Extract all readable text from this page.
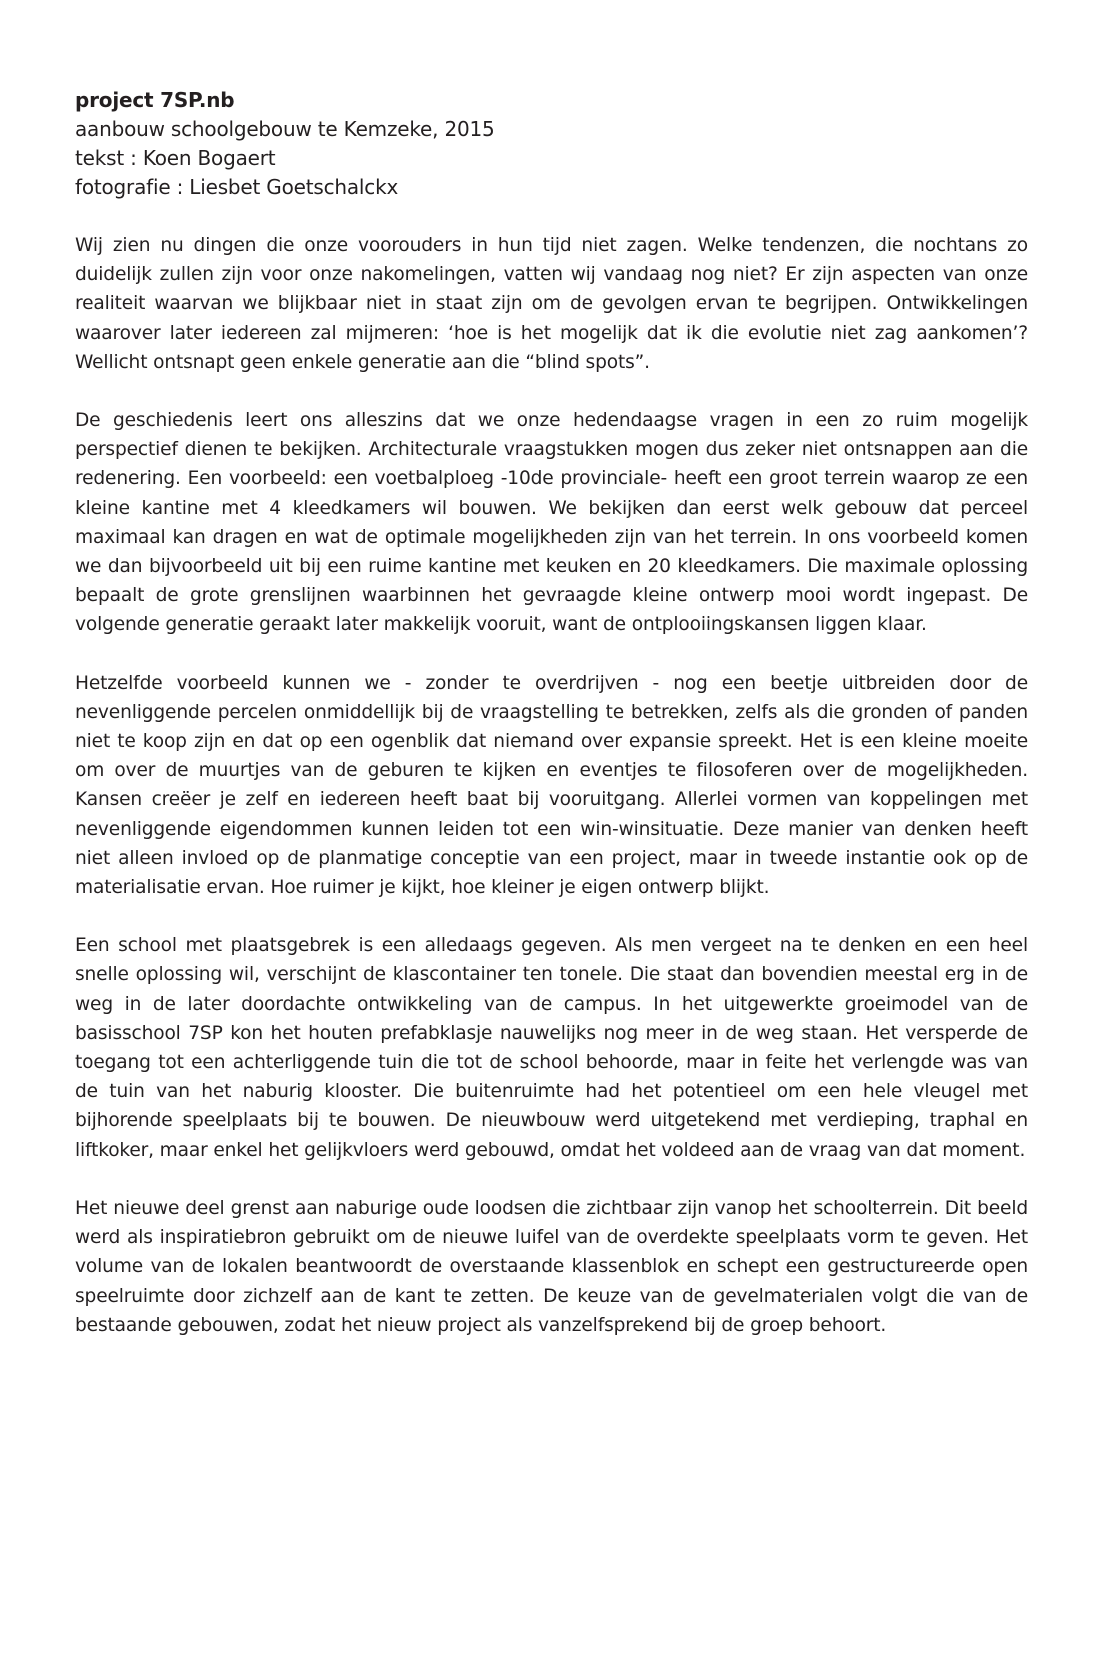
project 7SP.nb
aanbouw schoolgebouw te Kemzeke, 2015
tekst : Koen Bogaert
fotografie : Liesbet Goetschalckx

Wij zien nu dingen die onze voorouders in hun tijd niet zagen. Welke tendenzen, die nochtans zo duidelijk zullen zijn voor onze nakomelingen, vatten wij vandaag nog niet? Er zijn aspecten van onze realiteit waarvan we blijkbaar niet in staat zijn om de gevolgen ervan te begrijpen. Ontwikkelingen waarover later iedereen zal mijmeren: ‘hoe is het mogelijk dat ik die evolutie niet zag aankomen’? Wellicht ontsnapt geen enkele generatie aan die “blind spots”.

De geschiedenis leert ons alleszins dat we onze hedendaagse vragen in een zo ruim mogelijk perspectief dienen te bekijken. Architecturale vraagstukken mogen dus zeker niet ontsnappen aan die redenering. Een voorbeeld: een voetbalploeg -10de provinciale- heeft een groot terrein waarop ze een kleine kantine met 4 kleedkamers wil bouwen. We bekijken dan eerst welk gebouw dat perceel maximaal kan dragen en wat de optimale mogelijkheden zijn van het terrein. In ons voorbeeld komen we dan bijvoorbeeld uit bij een ruime kantine met keuken en 20 kleedkamers. Die maximale oplossing bepaalt de grote grenslijnen waarbinnen het gevraagde kleine ontwerp mooi wordt ingepast. De volgende generatie geraakt later makkelijk vooruit, want de ontplooiingskansen liggen klaar.

Hetzelfde voorbeeld kunnen we - zonder te overdrijven - nog een beetje uitbreiden door de nevenliggende percelen onmiddellijk bij de vraagstelling te betrekken, zelfs als die gronden of panden niet te koop zijn en dat op een ogenblik dat niemand over expansie spreekt. Het is een kleine moeite om over de muurtjes van de geburen te kijken en eventjes te filosoferen over de mogelijkheden. Kansen creëer je zelf en iedereen heeft baat bij vooruitgang. Allerlei vormen van koppelingen met nevenliggende eigendommen kunnen leiden tot een win-winsituatie. Deze manier van denken heeft niet alleen invloed op de planmatige conceptie van een project, maar in tweede instantie ook op de materialisatie ervan. Hoe ruimer je kijkt, hoe kleiner je eigen ontwerp blijkt.

Een school met plaatsgebrek is een alledaags gegeven. Als men vergeet na te denken en een heel snelle oplossing wil, verschijnt de klascontainer ten tonele. Die staat dan bovendien meestal erg in de weg in de later doordachte ontwikkeling van de campus. In het uitgewerkte groeimodel van de basisschool 7SP kon het houten prefabklasje nauwelijks nog meer in de weg staan. Het versperde de toegang tot een achterliggende tuin die tot de school behoorde, maar in feite het verlengde was van de tuin van het naburig klooster. Die buitenruimte had het potentieel om een hele vleugel met bijhorende speelplaats bij te bouwen. De nieuwbouw werd uitgetekend met verdieping, traphal en liftkoker, maar enkel het gelijkvloers werd gebouwd, omdat het voldeed aan de vraag van dat moment.

Het nieuwe deel grenst aan naburige oude loodsen die zichtbaar zijn vanop het schoolterrein. Dit beeld werd als inspiratiebron gebruikt om de nieuwe luifel van de overdekte speelplaats vorm te geven. Het volume van de lokalen beantwoordt de overstaande klassenblok en schept een gestructureerde open speelruimte door zichzelf aan de kant te zetten. De keuze van de gevelmaterialen volgt die van de bestaande gebouwen, zodat het nieuw project als vanzelfsprekend bij de groep behoort.
